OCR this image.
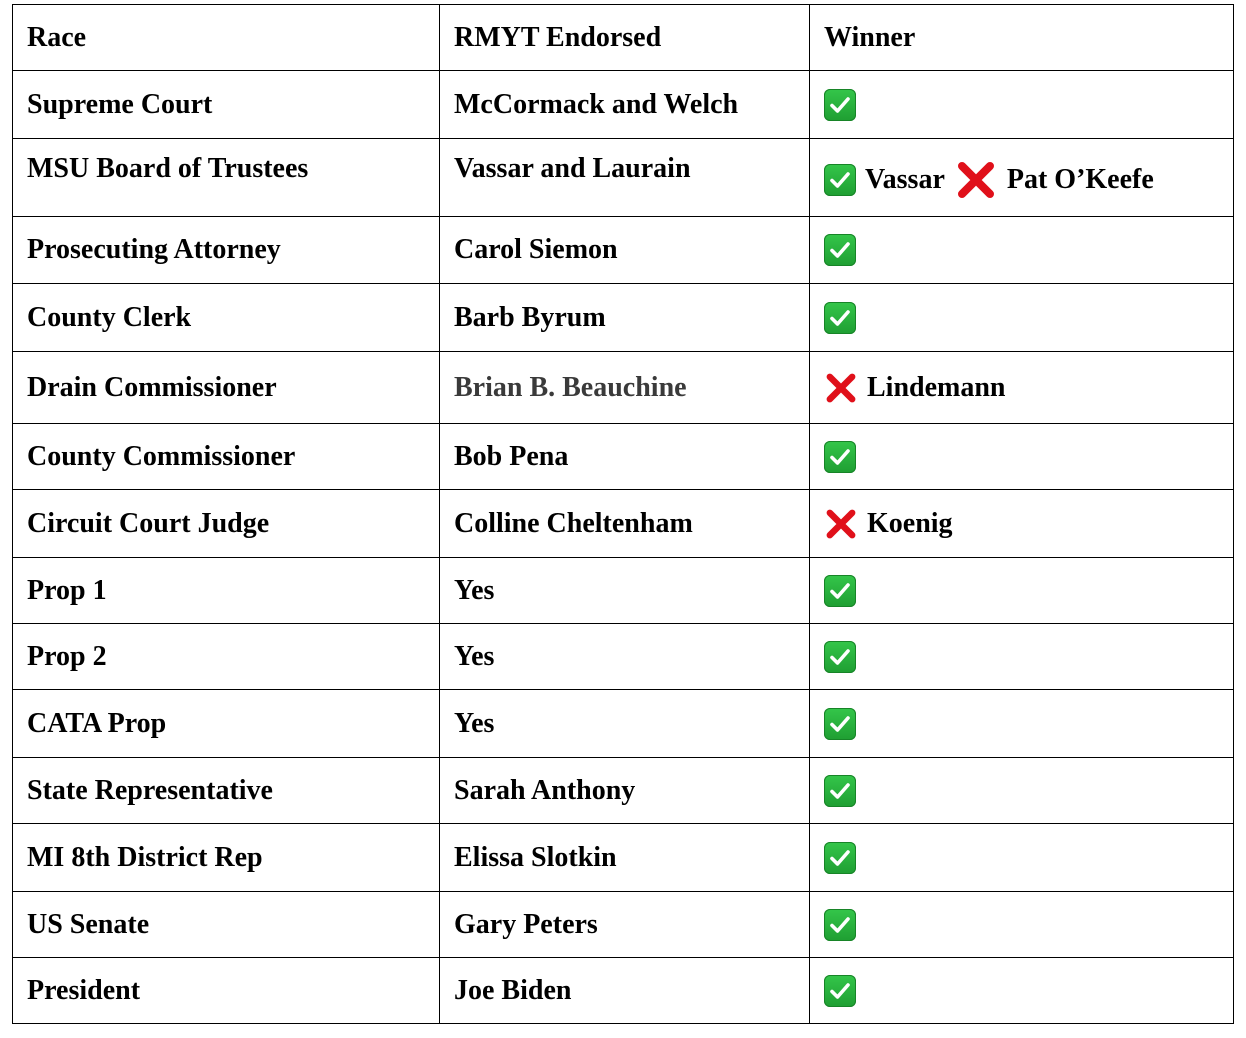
Race	RMYT Endorsed	Winner
Supreme Court	McCormack and Welch	

MSU Board of Trustees	Vassar and Laurain	Vassar Pat O’Keefe

Prosecuting Attorney	Carol Siemon	

County Clerk	Barb Byrum	

Drain Commissioner	Brian B. Beauchine	Lindemann

County Commissioner	Bob Pena	

Circuit Court Judge	Colline Cheltenham	Koenig

Prop 1	Yes	

Prop 2	Yes	

CATA Prop	Yes	

State Representative	Sarah Anthony	

MI 8th District Rep	Elissa Slotkin	

US Senate	Gary Peters	

President	Joe Biden	
